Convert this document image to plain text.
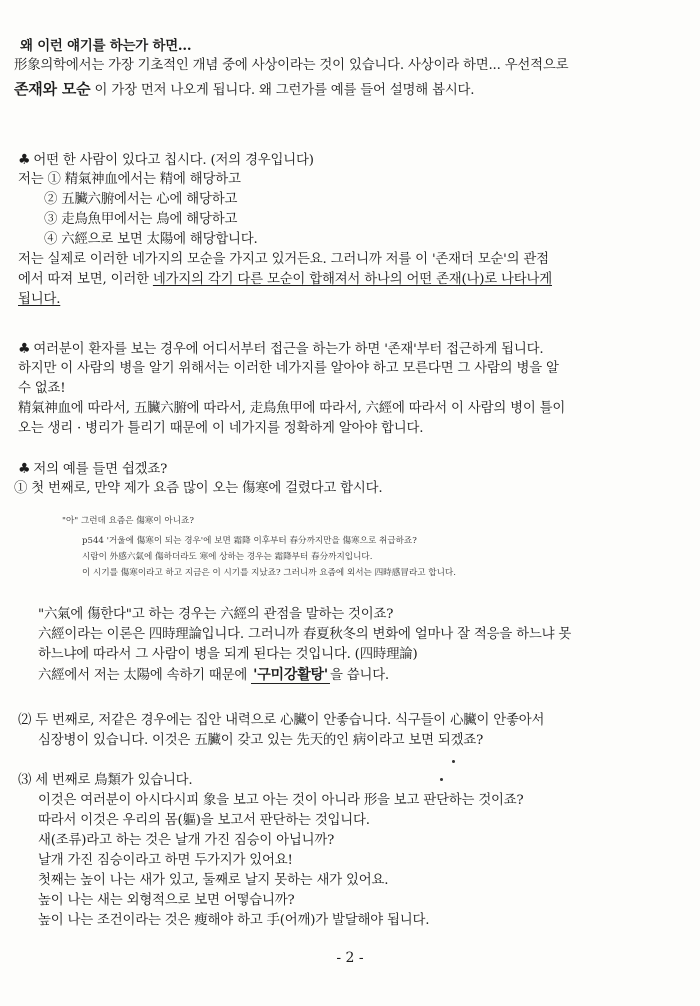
왜 이런 얘기를 하는가 하면...
形象의학에서는 가장 기초적인 개념 중에 사상이라는 것이 있습니다. 사상이라 하면... 우선적으로
존재와 모순 이 가장 먼저 나오게 됩니다. 왜 그런가를 예를 들어 설명해 봅시다.
♣ 어떤 한 사람이 있다고 칩시다. (저의 경우입니다)
저는 ① 精氣神血에서는 精에 해당하고
② 五臟六腑에서는 心에 해당하고
③ 走鳥魚甲에서는 鳥에 해당하고
④ 六經으로 보면 太陽에 해당합니다.
저는 실제로 이러한 네가지의 모순을 가지고 있거든요. 그러니까 저를 이 '존재더 모순'의 관점
에서 따져 보면, 이러한 네가지의 각기 다른 모순이 합해져서 하나의 어떤 존재(나)로 나타나게
됩니다.
♣ 여러분이 환자를 보는 경우에 어디서부터 접근을 하는가 하면 '존재'부터 접근하게 됩니다.
하지만 이 사람의 병을 알기 위해서는 이러한 네가지를 알아야 하고 모른다면 그 사람의 병을 알
수 없죠!
精氣神血에 따라서, 五臟六腑에 따라서, 走鳥魚甲에 따라서, 六經에 따라서 이 사람의 병이 틀이
오는 생리 · 병리가 틀리기 때문에 이 네가지를 정확하게 알아야 합니다.
♣ 저의 예를 들면 쉽겠죠?
① 첫 번째로, 만약 제가 요즘 많이 오는 傷寒에 걸렸다고 합시다.
"아" 그런데 요즘은 傷寒이 아니죠?
p544 '거울에 傷寒이 되는 경우'에 보면 霜降 이후부터 春分까지만을 傷寒으로 취급하죠?
시람이 外感六氣에 傷하더라도 寒에 상하는 경우는 霜降부터 春分까지입니다.
이 시기를 傷寒이라고 하고 지금은 이 시기를 지났죠? 그러니까 요즘에 외서는 四時感冒라고 합니다.
"六氣에 傷한다"고 하는 경우는 六經의 관점을 말하는 것이죠?
六經이라는 이론은 四時理論입니다. 그러니까 春夏秋冬의 변화에 얼마나 잘 적응을 하느냐 못
하느냐에 따라서 그 사람이 병을 되게 된다는 것입니다. (四時理論)
六經에서 저는 太陽에 속하기 때문에 '구미강활탕' 을 씁니다.
⑵ 두 번째로, 저같은 경우에는 집안 내력으로 心臟이 안좋습니다. 식구들이 心臟이 안좋아서
심장병이 있습니다. 이것은 五臟이 갖고 있는 先天的인 病이라고 보면 되겠죠?
⑶ 세 번째로 鳥類가 있습니다.
이것은 여러분이 아시다시피 象을 보고 아는 것이 아니라 形을 보고 판단하는 것이죠?
따라서 이것은 우리의 몸(軀)을 보고서 판단하는 것입니다.
새(조류)라고 하는 것은 날개 가진 짐승이 아닙니까?
날개 가진 짐승이라고 하면 두가지가 있어요!
첫째는 높이 나는 새가 있고, 둘째로 날지 못하는 새가 있어요.
높이 나는 새는 외형적으로 보면 어떻습니까?
높이 나는 조건이라는 것은 瘦해야 하고 手(어깨)가 발달해야 됩니다.
- 2 -
